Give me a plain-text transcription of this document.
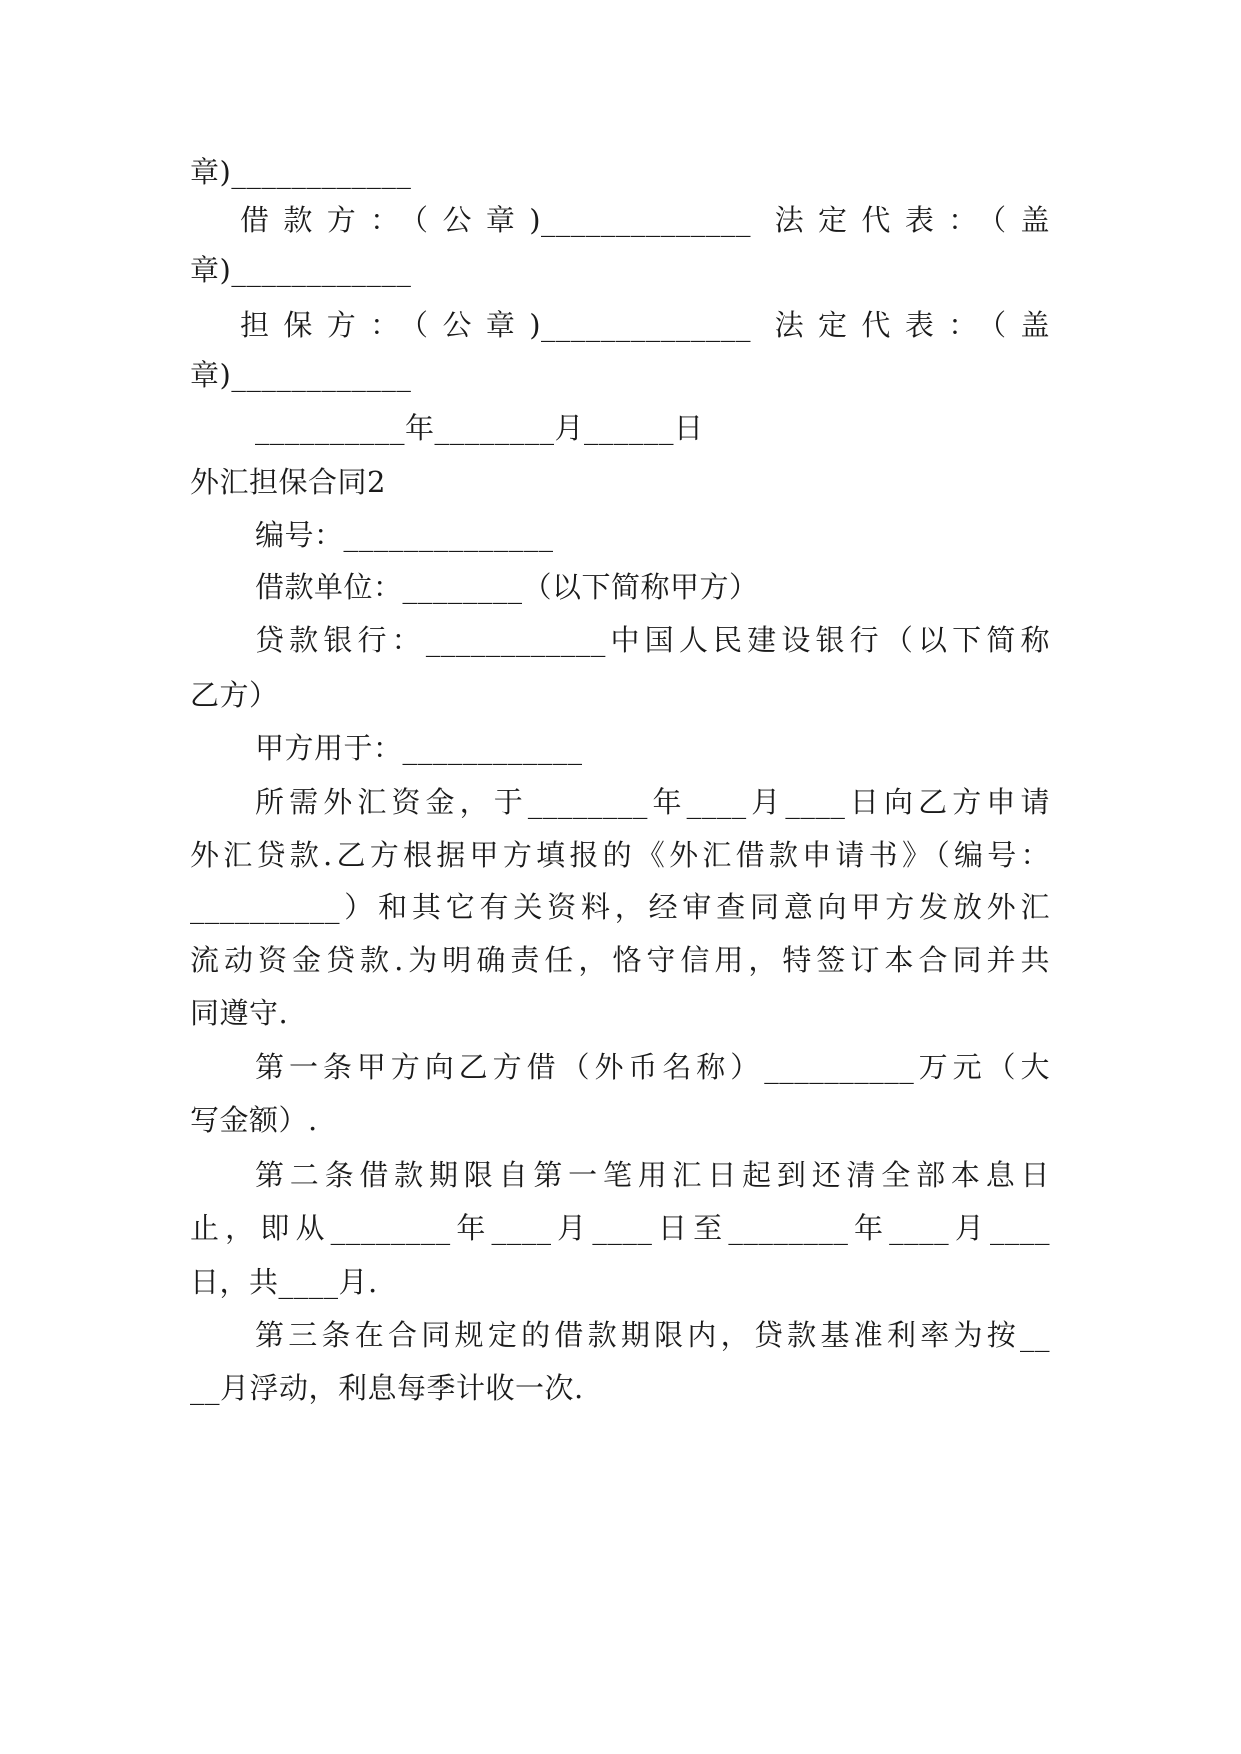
章)____________
借款方：（公章)______________ 法定代表：（盖
章)____________
担保方：（公章)______________ 法定代表：（盖
章)____________
__________年________月______日
外汇担保合同2
编号：______________
借款单位：________（以下简称甲方）
贷款银行：____________中国人民建设银行（以下简称
乙方）
甲方用于：____________
所需外汇资金，于________年____月____日向乙方申请
外汇贷款.乙方根据甲方填报的《外汇借款申请书》（编号：
__________）和其它有关资料，经审查同意向甲方发放外汇
流动资金贷款.为明确责任，恪守信用，特签订本合同并共
同遵守.
第一条甲方向乙方借（外币名称）__________万元（大
写金额）.
第二条借款期限自第一笔用汇日起到还清全部本息日
止，即从________年____月____日至________年____月____
日，共____月.
第三条在合同规定的借款期限内，贷款基准利率为按__
__月浮动，利息每季计收一次.
